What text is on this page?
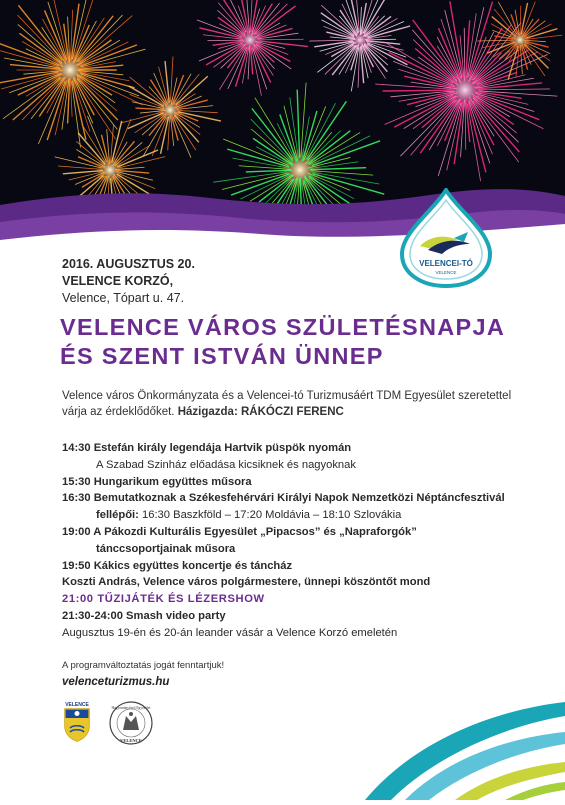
VELENCEI-TÓ
VELENCE
2016. AUGUSZTUS 20.
VELENCE KORZÓ,
Velence, Tópart u. 47.
VELENCE VÁROS SZÜLETÉSNAPJA
ÉS SZENT ISTVÁN ÜNNEP
Velence város Önkormányzata és a Velencei-tó Turizmusáért TDM Egyesület szeretettel várja az érdeklődőket. Házigazda: RÁKÓCZI FERENC
14:30 Estefán király legendája Hartvik püspök nyomán
A Szabad Szinház előadása kicsiknek és nagyoknak
15:30 Hungarikum együttes műsora
16:30 Bemutatkoznak a Székesfehérvári Királyi Napok Nemzetközi Néptáncfesztivál
fellépői: 16:30 Baszkföld – 17:20 Moldávia – 18:10 Szlovákia
19:00 A Pákozdi Kulturális Egyesület „Pipacsos” és „Napraforgók”
tánccsoportjainak műsora
19:50 Kákics együttes koncertje és táncház
Koszti András, Velence város polgármestere, ünnepi köszöntőt mond
21:00 TŰZIJÁTÉK ÉS LÉZERSHOW
21:30-24:00 Smash video party
Augusztus 19-én és 20-án leander vásár a Velence Korzó emeletén
A programváltoztatás jogát fenntartjuk!
velenceturizmus.hu
VELENCE	Hagyományőrző Egyesület
VELENCE
